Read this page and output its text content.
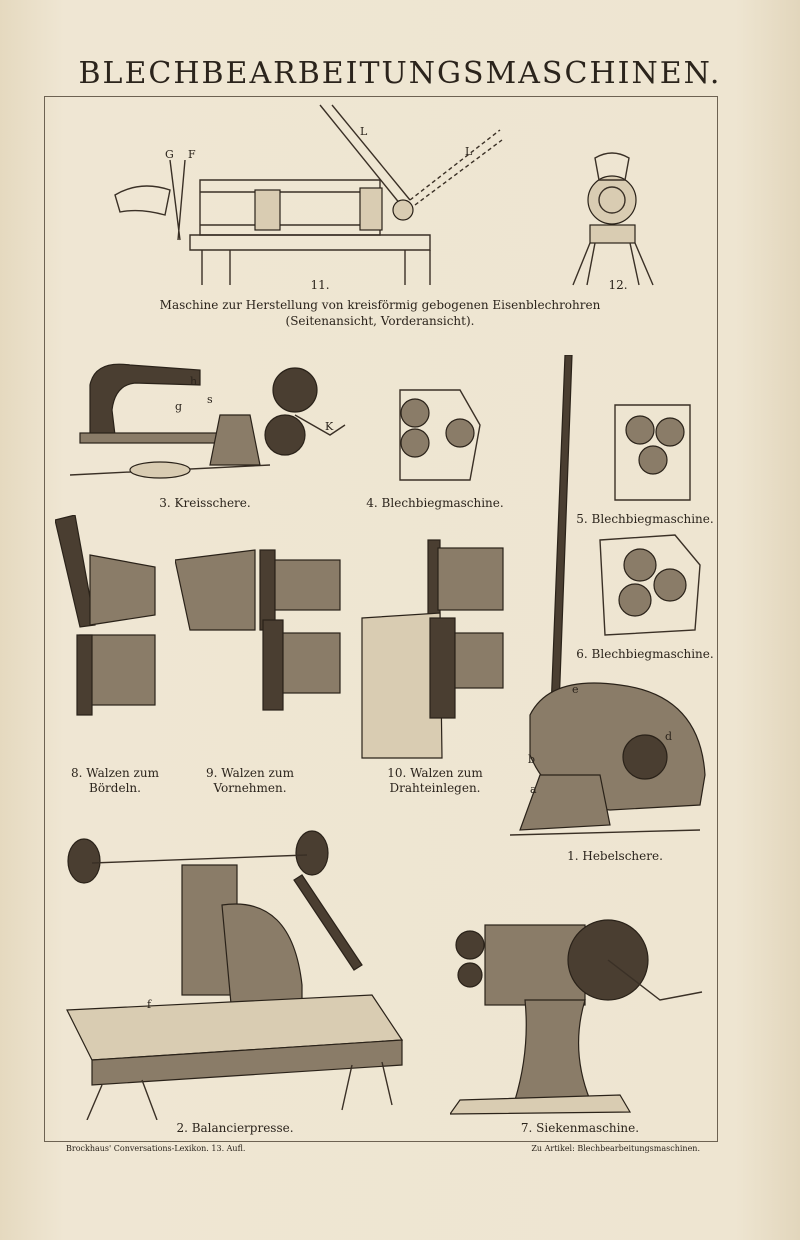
BLECHBEARBEITUNGSMASCHINEN.
G F
L
L
11.	12.
Maschine zur Herstellung von kreisförmig gebogenen Eisenblechrohren
(Seitenansicht, Vorderansicht).
h
g
s
K
3. Kreisschere.	4. Blechbiegmaschine.
5. Blechbiegmaschine.
6. Blechbiegmaschine.
8. Walzen zum
Bördeln.
9. Walzen zum
Vornehmen.
10. Walzen zum
Drahteinlegen.
e
b
a
d
1. Hebelschere.
f
2. Balancierpresse.	7. Siekenmaschine.
Brockhaus' Conversations-Lexikon. 13. Aufl.	Zu Artikel: Blechbearbeitungsmaschinen.
